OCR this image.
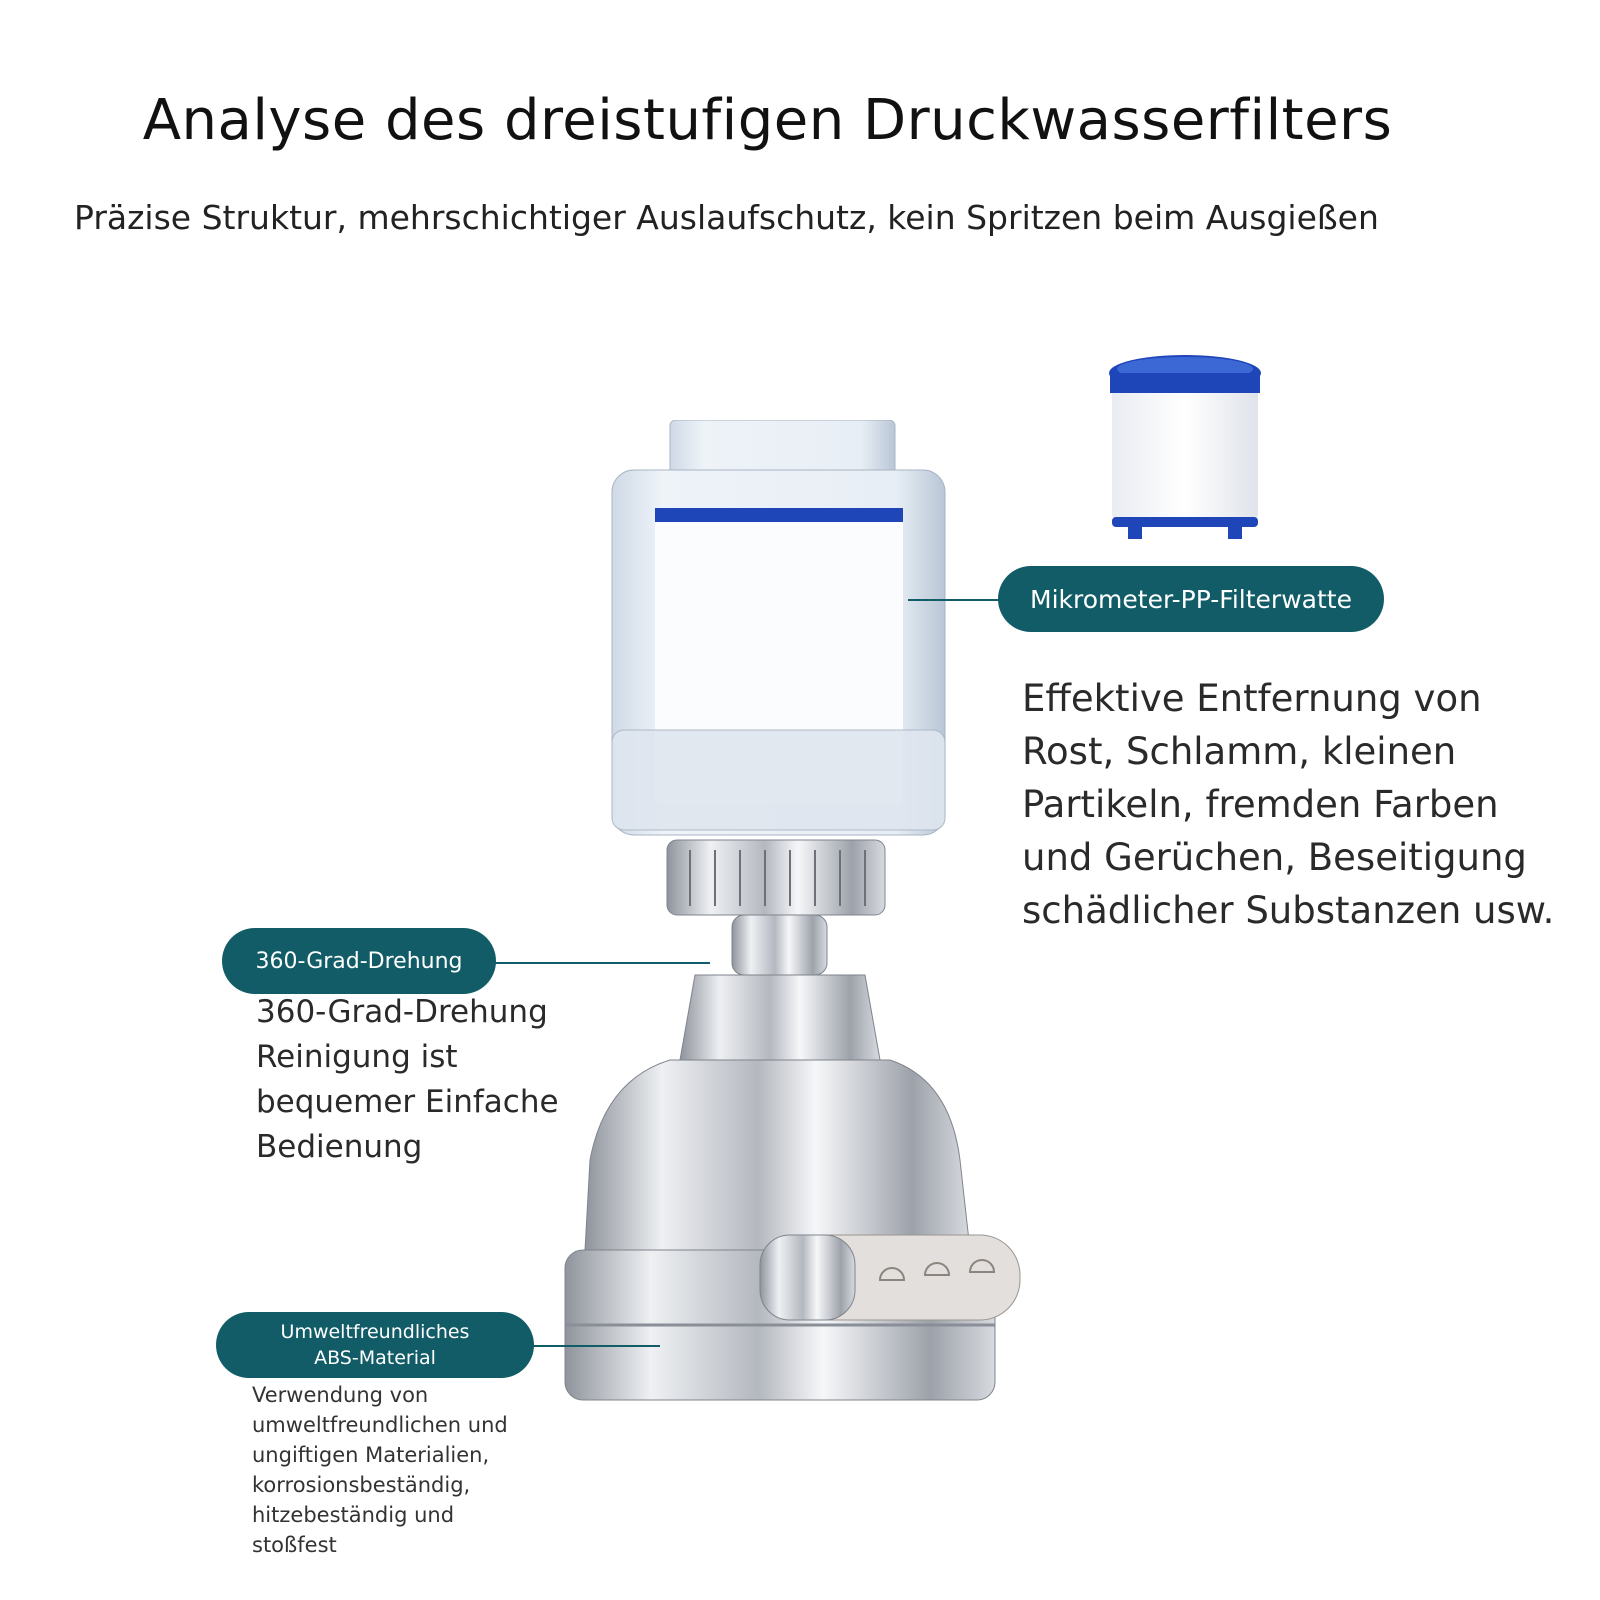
Analyse des dreistufigen Druckwasserfilters
Präzise Struktur, mehrschichtiger Auslaufschutz, kein Spritzen beim Ausgießen
Mikrometer-PP-Filterwatte
Effektive Entfernung von
Rost, Schlamm, kleinen
Partikeln, fremden Farben
und Gerüchen, Beseitigung
schädlicher Substanzen usw.
360-Grad-Drehung
360-Grad-Drehung
Reinigung ist
bequemer Einfache
Bedienung
Umweltfreundliches
ABS-Material
Verwendung von
umweltfreundlichen und
ungiftigen Materialien,
korrosionsbeständig,
hitzebeständig und
stoßfest
